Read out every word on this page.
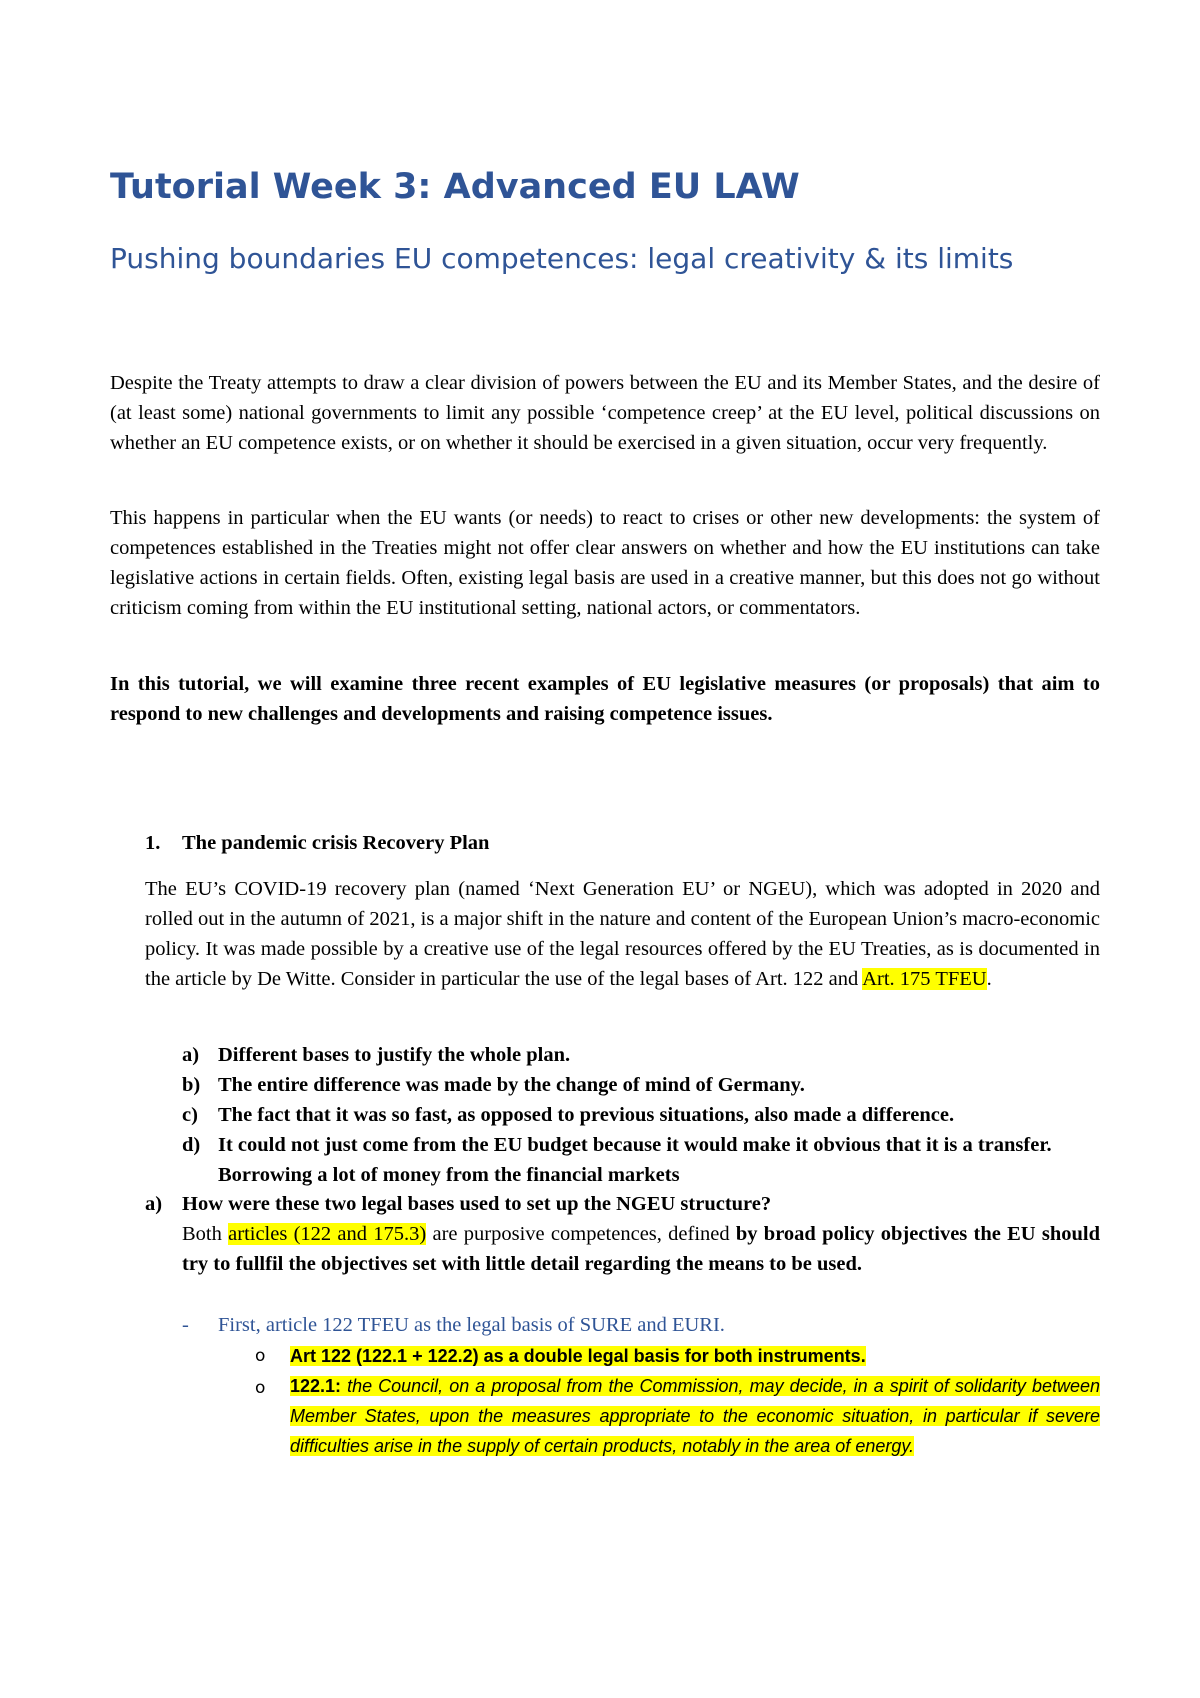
Tutorial Week 3: Advanced EU LAW
Pushing boundaries EU competences: legal creativity & its limits
Despite the Treaty attempts to draw a clear division of powers between the EU and its Member States, and the desire of (at least some) national governments to limit any possible ‘competence creep’ at the EU level, political discussions on whether an EU competence exists, or on whether it should be exercised in a given situation, occur very frequently.
This happens in particular when the EU wants (or needs) to react to crises or other new developments: the system of competences established in the Treaties might not offer clear answers on whether and how the EU institutions can take legislative actions in certain fields. Often, existing legal basis are used in a creative manner, but this does not go without criticism coming from within the EU institutional setting, national actors, or commentators.
In this tutorial, we will examine three recent examples of EU legislative measures (or proposals) that aim to respond to new challenges and developments and raising competence issues.
1. The pandemic crisis Recovery Plan
The EU’s COVID-19 recovery plan (named ‘Next Generation EU’ or NGEU), which was adopted in 2020 and rolled out in the autumn of 2021, is a major shift in the nature and content of the European Union’s macro-economic policy. It was made possible by a creative use of the legal resources offered by the EU Treaties, as is documented in the article by De Witte. Consider in particular the use of the legal bases of Art. 122 and Art. 175 TFEU.
a) Different bases to justify the whole plan.
b) The entire difference was made by the change of mind of Germany.
c) The fact that it was so fast, as opposed to previous situations, also made a difference.
d) It could not just come from the EU budget because it would make it obvious that it is a transfer. Borrowing a lot of money from the financial markets
a) How were these two legal bases used to set up the NGEU structure?
Both articles (122 and 175.3) are purposive competences, defined by broad policy objectives the EU should try to fullfil the objectives set with little detail regarding the means to be used.
- First, article 122 TFEU as the legal basis of SURE and EURI.
o Art 122 (122.1 + 122.2) as a double legal basis for both instruments.
o 122.1: the Council, on a proposal from the Commission, may decide, in a spirit of solidarity between Member States, upon the measures appropriate to the economic situation, in particular if severe difficulties arise in the supply of certain products, notably in the area of energy.
